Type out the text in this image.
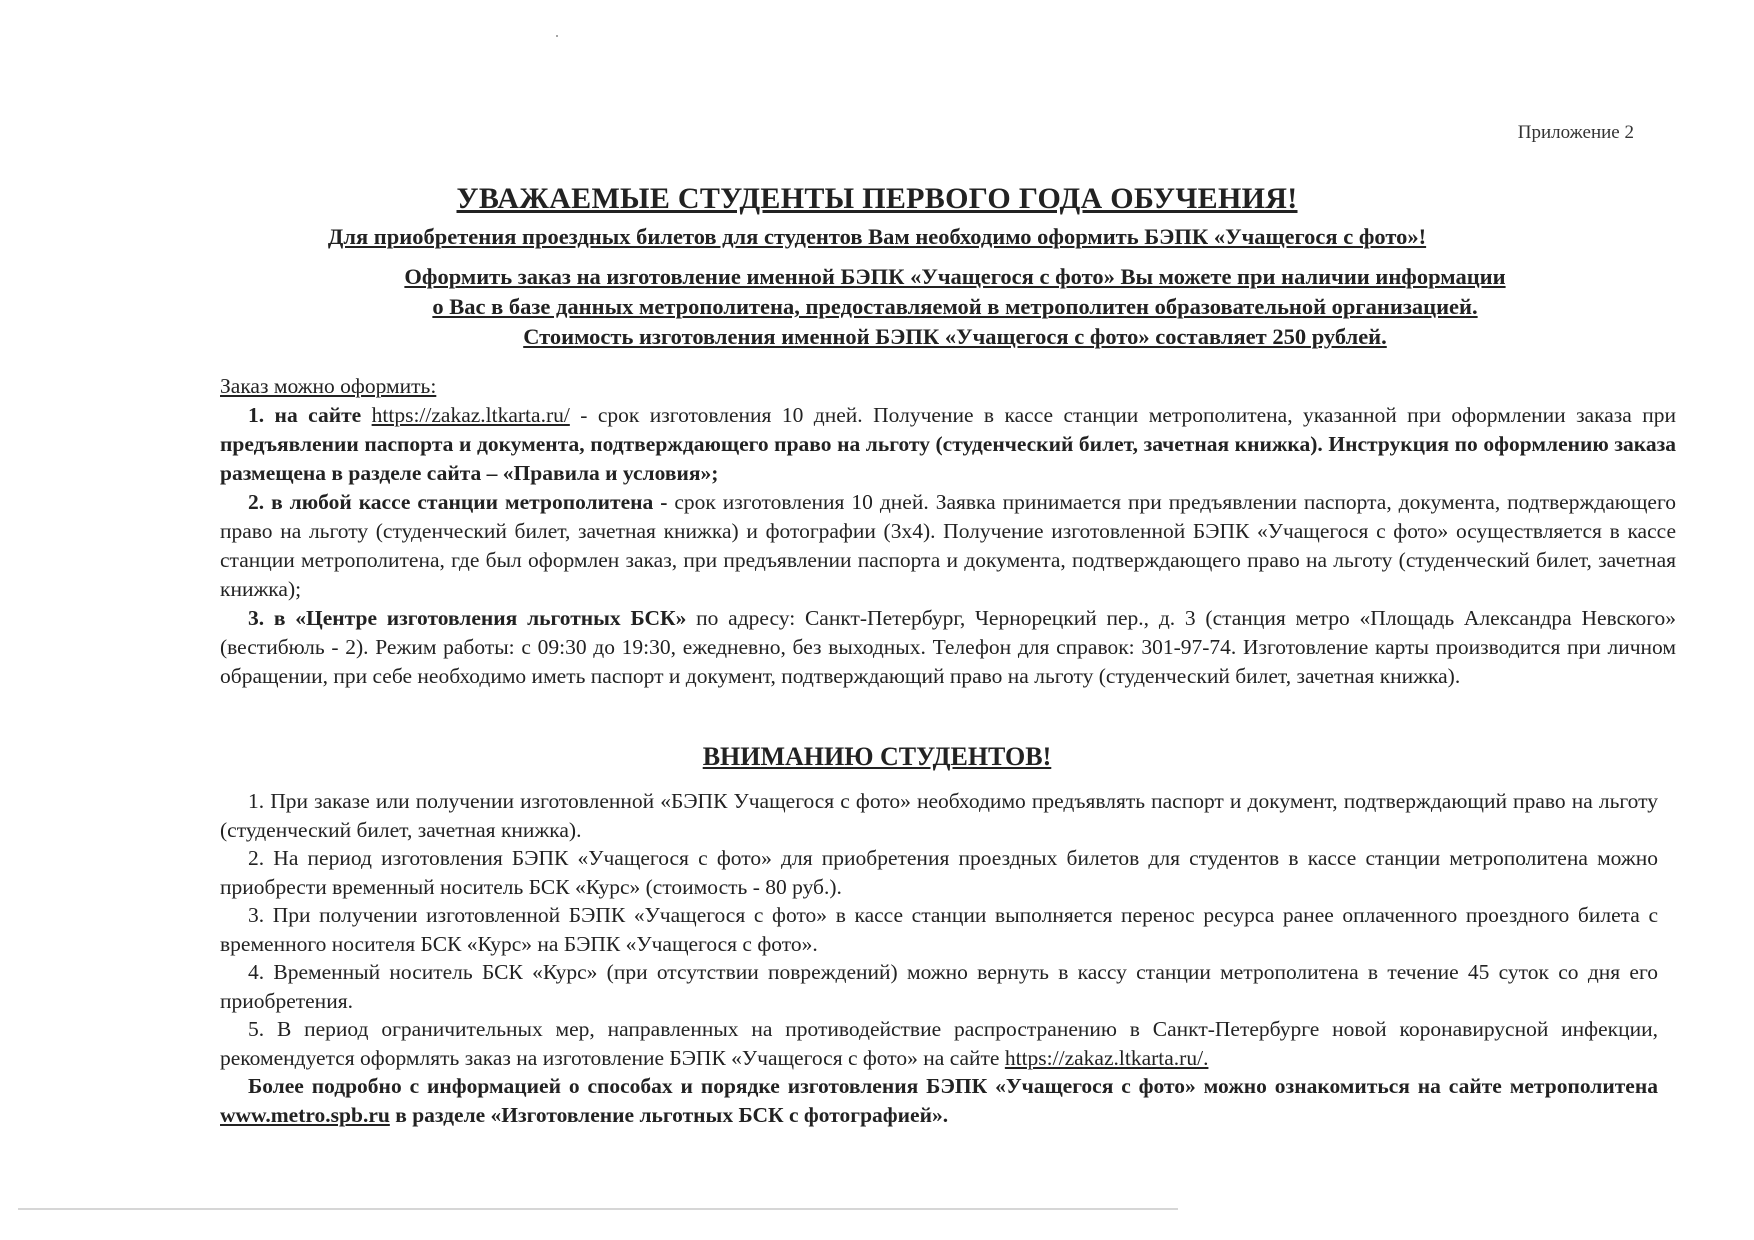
Приложение 2
УВАЖАЕМЫЕ СТУДЕНТЫ ПЕРВОГО ГОДА ОБУЧЕНИЯ!
Для приобретения проездных билетов для студентов Вам необходимо оформить БЭПК «Учащегося с фото»!
Оформить заказ на изготовление именной БЭПК «Учащегося с фото» Вы можете при наличии информации
о Вас в базе данных метрополитена, предоставляемой в метрополитен образовательной организацией.
Стоимость изготовления именной БЭПК «Учащегося с фото» составляет 250 рублей.

Заказ можно оформить:

1. на сайте https://zakaz.ltkarta.ru/ - срок изготовления 10 дней. Получение в кассе станции метрополитена, указанной при оформлении заказа при предъявлении паспорта и документа, подтверждающего право на льготу (студенческий билет, зачетная книжка). Инструкция по оформлению заказа размещена в разделе сайта – «Правила и условия»;

2. в любой кассе станции метрополитена - срок изготовления 10 дней. Заявка принимается при предъявлении паспорта, документа, подтверждающего право на льготу (студенческий билет, зачетная книжка) и фотографии (3x4). Получение изготовленной БЭПК «Учащегося с фото» осуществляется в кассе станции метрополитена, где был оформлен заказ, при предъявлении паспорта и документа, подтверждающего право на льготу (студенческий билет, зачетная книжка);

3. в «Центре изготовления льготных БСК» по адресу: Санкт-Петербург, Чернорецкий пер., д. 3 (станция метро «Площадь Александра Невского» (вестибюль - 2). Режим работы: с 09:30 до 19:30, ежедневно, без выходных. Телефон для справок: 301-97-74. Изготовление карты производится при личном обращении, при себе необходимо иметь паспорт и документ, подтверждающий право на льготу (студенческий билет, зачетная книжка).

ВНИМАНИЮ СТУДЕНТОВ!

1. При заказе или получении изготовленной «БЭПК Учащегося с фото» необходимо предъявлять паспорт и документ, подтверждающий право на льготу (студенческий билет, зачетная книжка).

2. На период изготовления БЭПК «Учащегося с фото» для приобретения проездных билетов для студентов в кассе станции метрополитена можно приобрести временный носитель БСК «Курс» (стоимость - 80 руб.).

3. При получении изготовленной БЭПК «Учащегося с фото» в кассе станции выполняется перенос ресурса ранее оплаченного проездного билета с временного носителя БСК «Курс» на БЭПК «Учащегося с фото».

4. Временный носитель БСК «Курс» (при отсутствии повреждений) можно вернуть в кассу станции метрополитена в течение 45 суток со дня его приобретения.

5. В период ограничительных мер, направленных на противодействие распространению в Санкт-Петербурге новой коронавирусной инфекции, рекомендуется оформлять заказ на изготовление БЭПК «Учащегося с фото» на сайте https://zakaz.ltkarta.ru/.

Более подробно с информацией о способах и порядке изготовления БЭПК «Учащегося с фото» можно ознакомиться на сайте метрополитена www.metro.spb.ru в разделе «Изготовление льготных БСК с фотографией».
